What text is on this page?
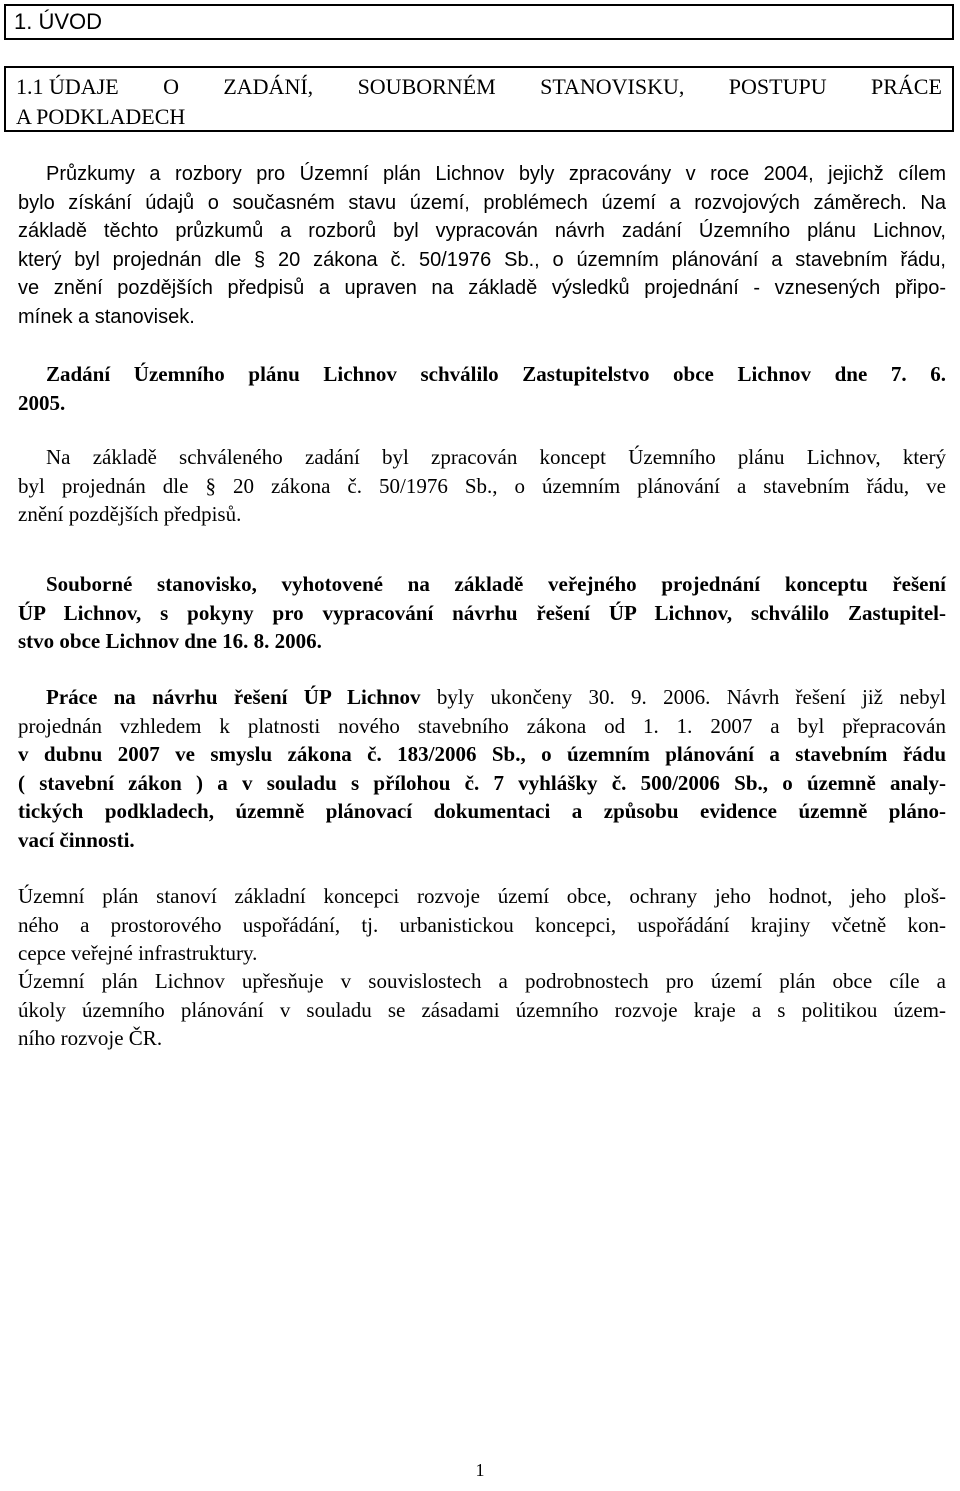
1. ÚVOD
1.1 ÚDAJE O ZADÁNÍ, SOUBORNÉM STANOVISKU, POSTUPU PRÁCE
A PODKLADECH
Průzkumy a rozbory pro Územní plán Lichnov byly zpracovány v roce 2004, jejichž cílem
bylo získání údajů o současném stavu území, problémech území a rozvojových záměrech. Na
základě těchto průzkumů a rozborů byl vypracován návrh zadání Územního plánu Lichnov,
který byl projednán dle § 20 zákona č. 50/1976 Sb., o územním plánování a stavebním řádu,
ve znění pozdějších předpisů a upraven na základě výsledků projednání - vznesených připo-
mínek a stanovisek.
Zadání Územního plánu Lichnov schválilo Zastupitelstvo obce Lichnov dne 7. 6.
2005.
Na základě schváleného zadání byl zpracován koncept Územního plánu Lichnov, který
byl projednán dle § 20 zákona č. 50/1976 Sb., o územním plánování a stavebním řádu, ve
znění pozdějších předpisů.
Souborné stanovisko, vyhotovené na základě veřejného projednání konceptu řešení
ÚP Lichnov, s pokyny pro vypracování návrhu řešení ÚP Lichnov, schválilo Zastupitel-
stvo obce Lichnov dne 16. 8. 2006.
Práce na návrhu řešení ÚP Lichnov byly ukončeny 30. 9. 2006. Návrh řešení již nebyl
projednán vzhledem k platnosti nového stavebního zákona od 1. 1. 2007 a byl přepracován
v dubnu 2007 ve smyslu zákona č. 183/2006 Sb., o územním plánování a stavebním řádu
( stavební zákon ) a v souladu s přílohou č. 7 vyhlášky č. 500/2006 Sb., o územně analy-
tických podkladech, územně plánovací dokumentaci a způsobu evidence územně pláno-
vací činnosti.
Územní plán stanoví základní koncepci rozvoje území obce, ochrany jeho hodnot, jeho ploš-
ného a prostorového uspořádání, tj. urbanistickou koncepci, uspořádání krajiny včetně kon-
cepce veřejné infrastruktury.
Územní plán Lichnov upřesňuje v souvislostech a podrobnostech pro území plán obce cíle a
úkoly územního plánování v souladu se zásadami územního rozvoje kraje a s politikou územ-
ního rozvoje ČR.
1
